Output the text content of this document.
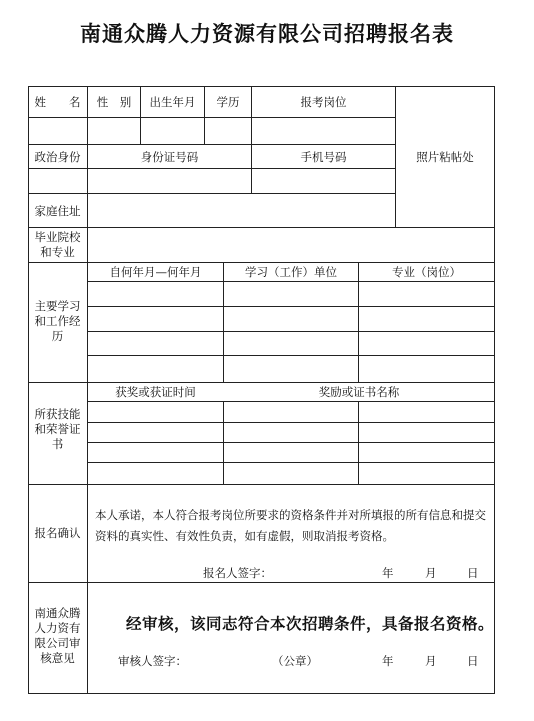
南通众腾人力资源有限公司招聘报名表
姓　　名	性　别	出生年月	学历	报考岗位
政治身份	身份证号码	手机号码	照片粘帖处
家庭住址
毕业院校
和专业
主要学习
和工作经
历
自何年月—何年月	学习（工作）单位	专业（岗位）
所获技能
和荣誉证
书
获奖或获证时间	奖励或证书名称
报名确认
本人承诺，本人符合报考岗位所要求的资格条件并对所填报的所有信息和提交资料的真实性、有效性负责，如有虚假，则取消报考资格。
报名人签字：	年	月	日
南通众腾
人力资有
限公司审
核意见
经审核，该同志符合本次招聘条件，具备报名资格。
审核人签字：	（公章）	年	月	日
